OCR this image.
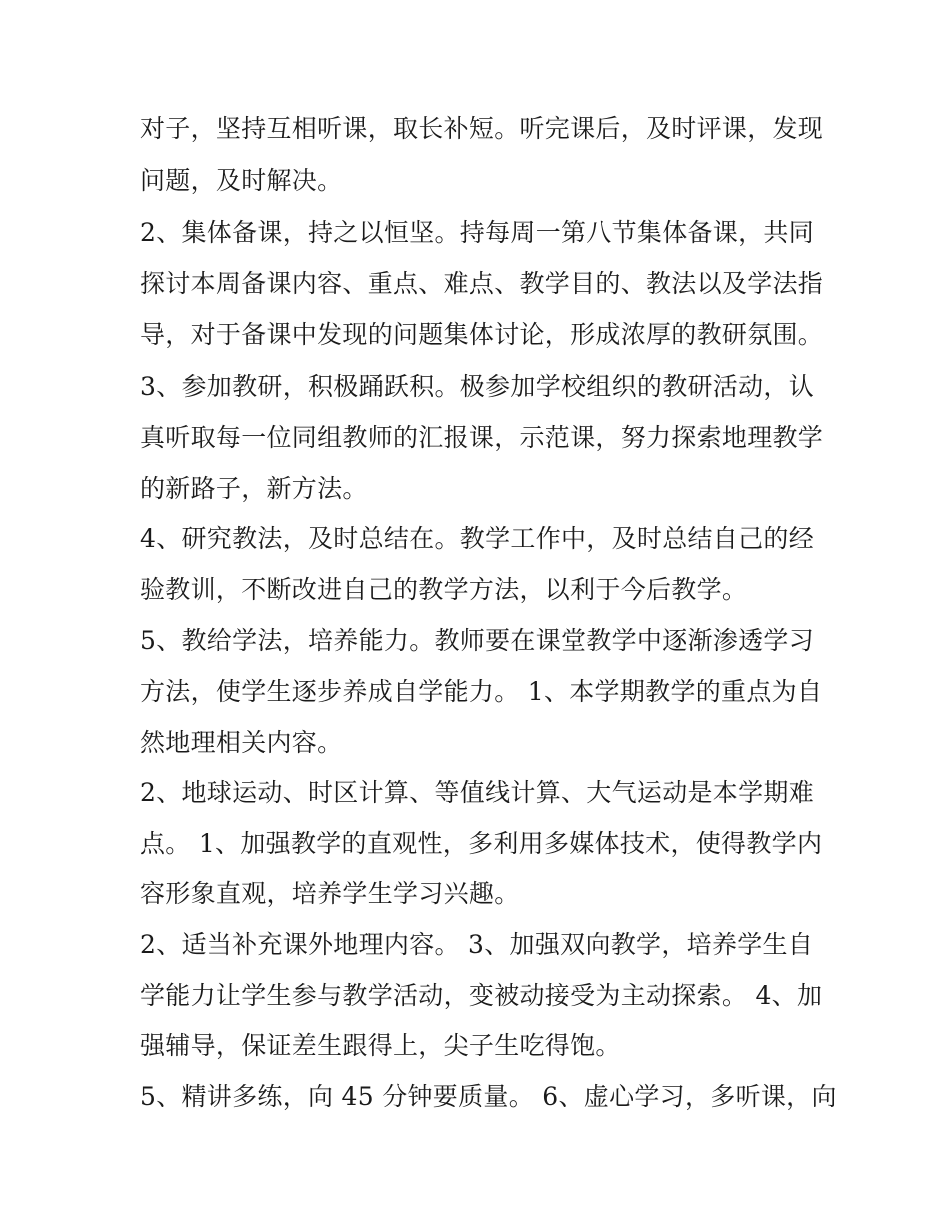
对子，坚持互相听课，取长补短。听完课后，及时评课，发现
问题，及时解决。
2、集体备课，持之以恒坚。持每周一第八节集体备课，共同
探讨本周备课内容、重点、难点、教学目的、教法以及学法指
导，对于备课中发现的问题集体讨论，形成浓厚的教研氛围。
3、参加教研，积极踊跃积。极参加学校组织的教研活动，认
真听取每一位同组教师的汇报课，示范课，努力探索地理教学
的新路子，新方法。
4、研究教法，及时总结在。教学工作中，及时总结自己的经
验教训，不断改进自己的教学方法，以利于今后教学。
5、教给学法，培养能力。教师要在课堂教学中逐渐渗透学习
方法，使学生逐步养成自学能力。 1、本学期教学的重点为自
然地理相关内容。
2、地球运动、时区计算、等值线计算、大气运动是本学期难
点。 1、加强教学的直观性，多利用多媒体技术，使得教学内
容形象直观，培养学生学习兴趣。
2、适当补充课外地理内容。 3、加强双向教学，培养学生自
学能力让学生参与教学活动，变被动接受为主动探索。 4、加
强辅导，保证差生跟得上，尖子生吃得饱。
5、精讲多练，向 45 分钟要质量。 6、虚心学习，多听课，向
